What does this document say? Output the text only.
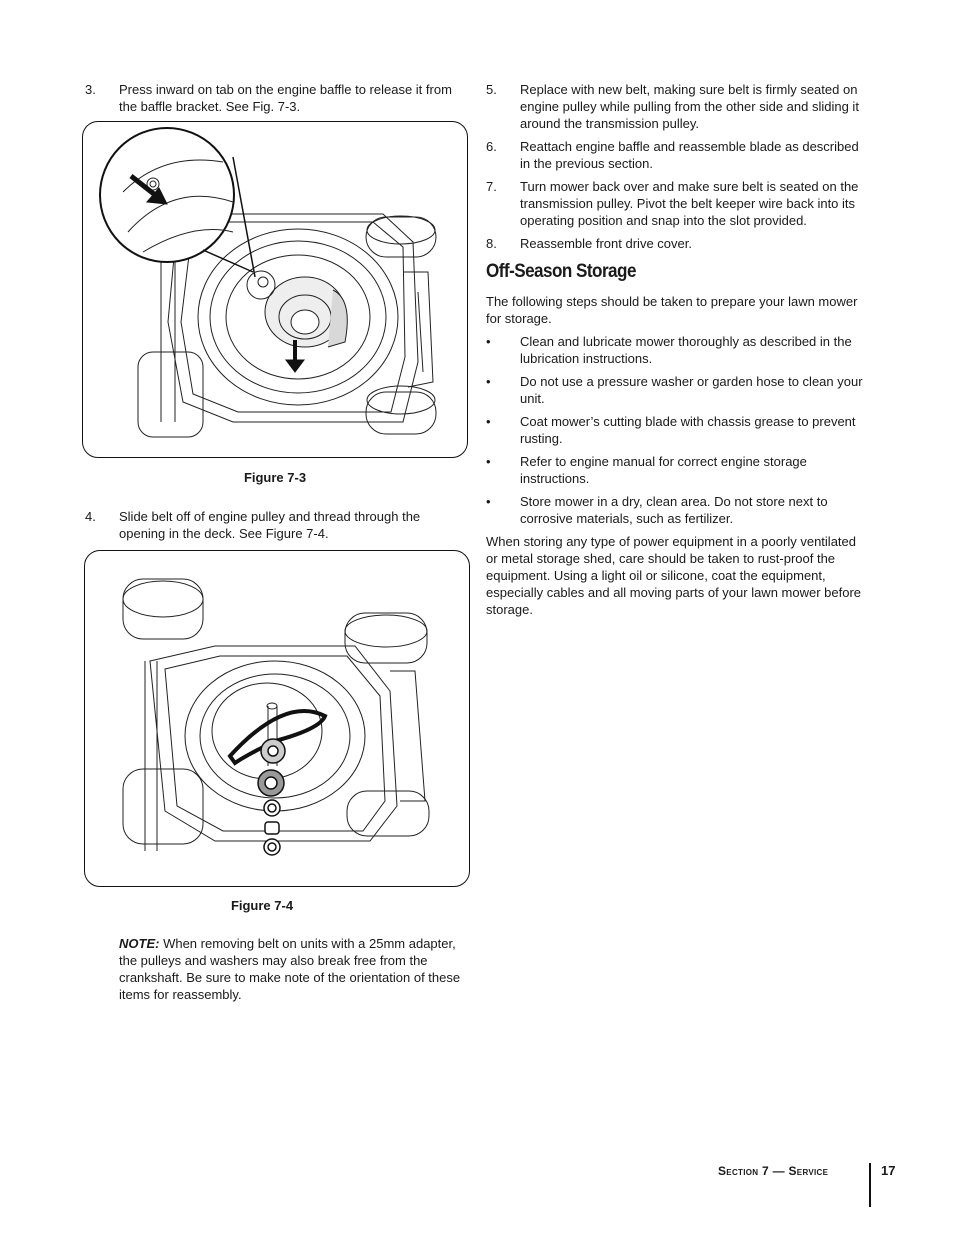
3. Press inward on tab on the engine baffle to release it from the baffle bracket. See Fig. 7-3.
Figure 7-3
4. Slide belt off of engine pulley and thread through the opening in the deck. See Figure 7-4.
Figure 7-4
NOTE: When removing belt on units with a 25mm adapter, the pulleys and washers may also break free from the crankshaft. Be sure to make note of the orientation of these items for reassembly.
5. Replace with new belt, making sure belt is firmly seated on engine pulley while pulling from the other side and sliding it around the transmission pulley.
6. Reattach engine baffle and reassemble blade as described in the previous section.
7. Turn mower back over and make sure belt is seated on the transmission pulley. Pivot the belt keeper wire back into its operating position and snap into the slot provided.
8. Reassemble front drive cover.
Off-Season Storage
The following steps should be taken to prepare your lawn mower for storage.
• Clean and lubricate mower thoroughly as described in the lubrication instructions.
• Do not use a pressure washer or garden hose to clean your unit.
• Coat mower’s cutting blade with chassis grease to prevent rusting.
• Refer to engine manual for correct engine storage instructions.
• Store mower in a dry, clean area. Do not store next to corrosive materials, such as fertilizer.
When storing any type of power equipment in a poorly ventilated or metal storage shed, care should be taken to rust-proof the equipment. Using a light oil or silicone, coat the equipment, especially cables and all moving parts of your lawn mower before storage.
Section 7 — Service	17
